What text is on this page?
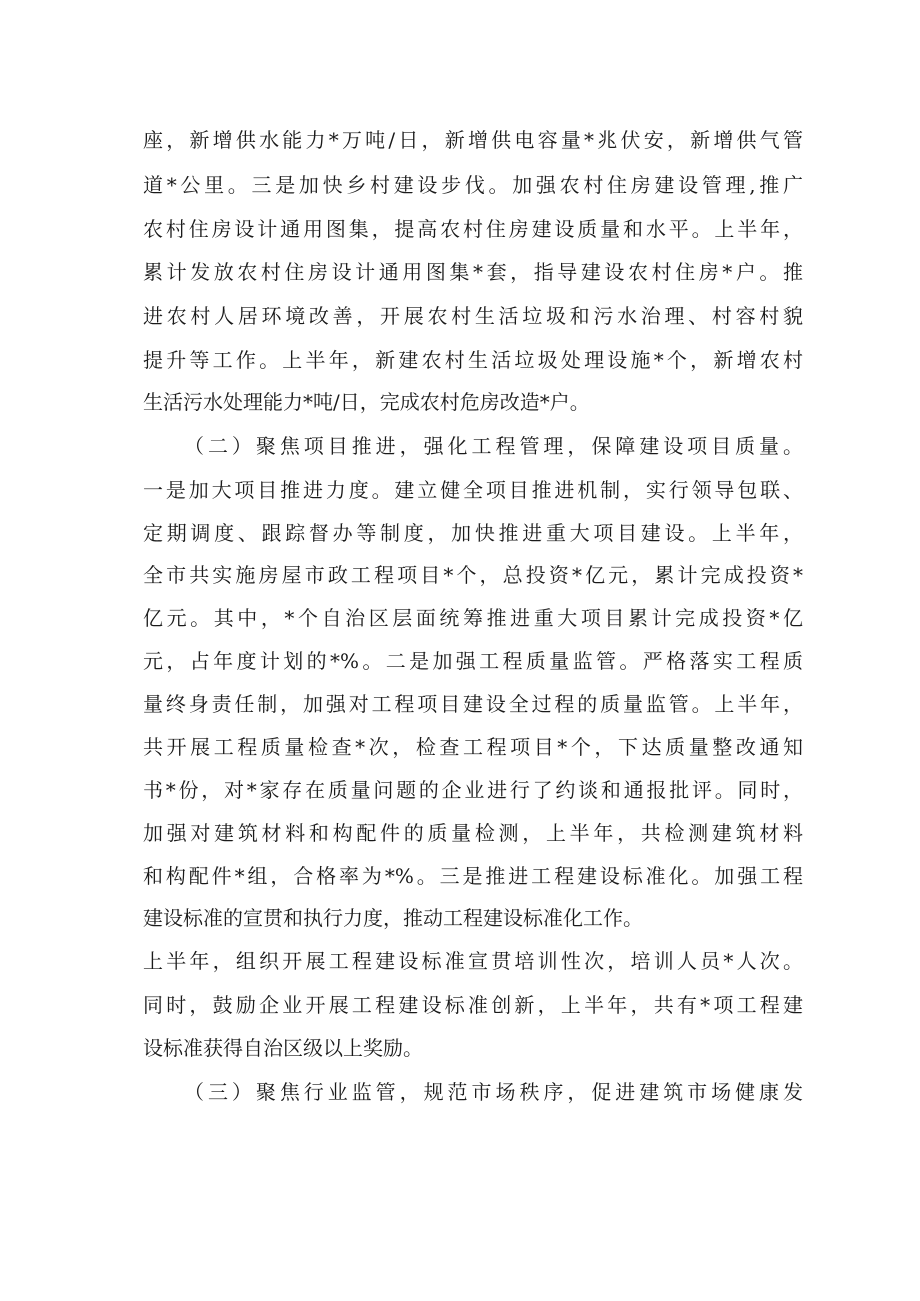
座，新增供水能力*万吨/日，新增供电容量*兆伏安，新增供气管
道*公里。三是加快乡村建设步伐。加强农村住房建设管理,推广
农村住房设计通用图集，提高农村住房建设质量和水平。上半年，
累计发放农村住房设计通用图集*套，指导建设农村住房*户。推
进农村人居环境改善，开展农村生活垃圾和污水治理、村容村貌
提升等工作。上半年，新建农村生活垃圾处理设施*个，新增农村
生活污水处理能力*吨/日，完成农村危房改造*户。
（二）聚焦项目推进，强化工程管理，保障建设项目质量。
一是加大项目推进力度。建立健全项目推进机制，实行领导包联、
定期调度、跟踪督办等制度，加快推进重大项目建设。上半年，
全市共实施房屋市政工程项目*个，总投资*亿元，累计完成投资*
亿元。其中，*个自治区层面统筹推进重大项目累计完成投资*亿
元，占年度计划的*%。二是加强工程质量监管。严格落实工程质
量终身责任制，加强对工程项目建设全过程的质量监管。上半年，
共开展工程质量检查*次，检查工程项目*个，下达质量整改通知
书*份，对*家存在质量问题的企业进行了约谈和通报批评。同时，
加强对建筑材料和构配件的质量检测，上半年，共检测建筑材料
和构配件*组，合格率为*%。三是推进工程建设标准化。加强工程
建设标准的宣贯和执行力度，推动工程建设标准化工作。
上半年，组织开展工程建设标准宣贯培训性次，培训人员*人次。
同时，鼓励企业开展工程建设标准创新，上半年，共有*项工程建
设标准获得自治区级以上奖励。
（三）聚焦行业监管，规范市场秩序，促进建筑市场健康发
